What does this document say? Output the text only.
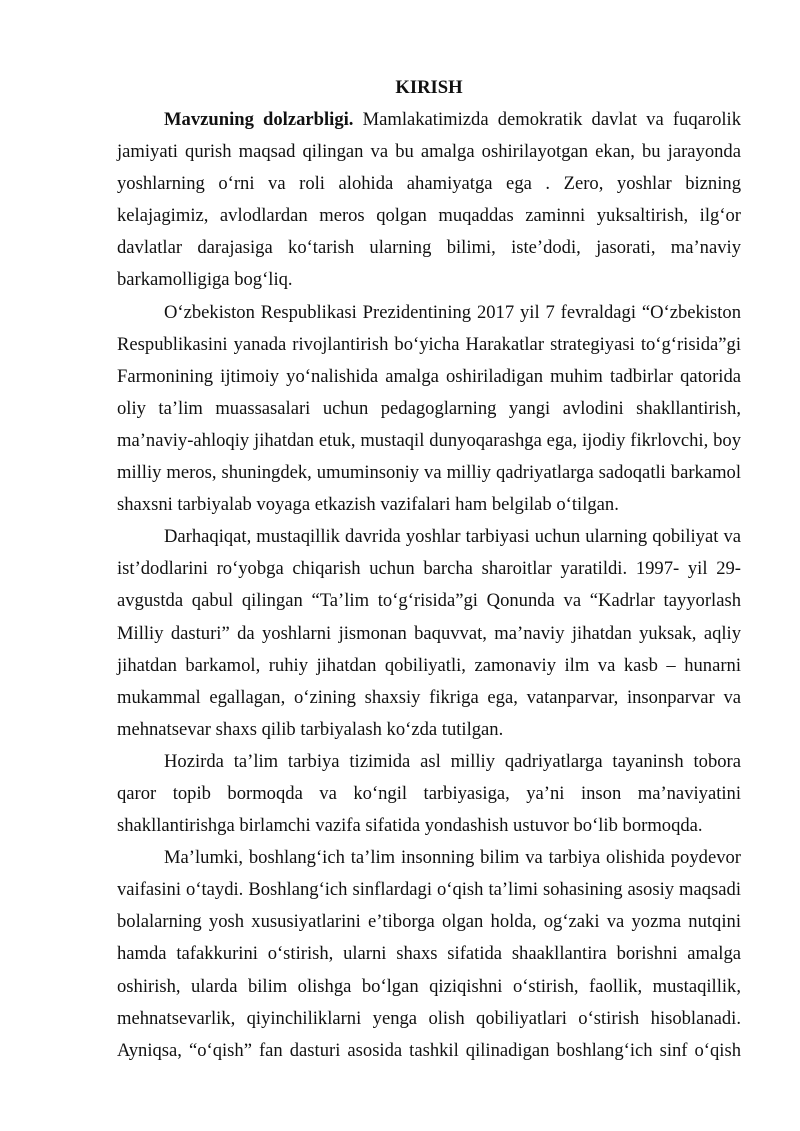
KIRISH

Mavzuning dolzarbligi. Mamlakatimizda demokratik davlat va fuqarolik jamiyati qurish maqsad qilingan va bu amalga oshirilayotgan ekan, bu jarayonda yoshlarning oʻrni va roli alohida ahamiyatga ega . Zero, yoshlar bizning kelajagimiz, avlodlardan meros qolgan muqaddas zaminni yuksaltirish, ilgʻor davlatlar darajasiga koʻtarish ularning bilimi, isteʼdodi, jasorati, maʼnaviy barkamolligiga bogʻliq.

Oʻzbekiston Respublikasi Prezidentining 2017 yil 7 fevraldagi “Oʻzbekiston Respublikasini yanada rivojlantirish boʻyicha Harakatlar strategiyasi toʻgʻrisida”gi Farmonining ijtimoiy yoʻnalishida amalga oshiriladigan muhim tadbirlar qatorida oliy taʼlim muassasalari uchun pedagoglarning yangi avlodini shakllantirish, maʼnaviy-ahloqiy jihatdan etuk, mustaqil dunyoqarashga ega, ijodiy fikrlovchi, boy milliy meros, shuningdek, umuminsoniy va milliy qadriyatlarga sadoqatli barkamol shaxsni tarbiyalab voyaga etkazish vazifalari ham belgilab oʻtilgan.

Darhaqiqat, mustaqillik davrida yoshlar tarbiyasi uchun ularning qobiliyat va istʼdodlarini roʻyobga chiqarish uchun barcha sharoitlar yaratildi. 1997- yil 29-avgustda qabul qilingan “Taʼlim toʻgʻrisida”gi Qonunda va “Kadrlar tayyorlash Milliy dasturi” da yoshlarni jismonan baquvvat, maʼnaviy jihatdan yuksak, aqliy jihatdan barkamol, ruhiy jihatdan qobiliyatli, zamonaviy ilm va kasb – hunarni mukammal egallagan, oʻzining shaxsiy fikriga ega, vatanparvar, insonparvar va mehnatsevar shaxs qilib tarbiyalash koʻzda tutilgan.

Hozirda taʼlim tarbiya tizimida asl milliy qadriyatlarga tayaninsh tobora qaror topib bormoqda va koʻngil tarbiyasiga, yaʼni inson maʼnaviyatini shakllantirishga birlamchi vazifa sifatida yondashish ustuvor boʻlib bormoqda.

Maʼlumki, boshlangʻich taʼlim insonning bilim va tarbiya olishida poydevor vaifasini oʻtaydi. Boshlangʻich sinflardagi oʻqish taʼlimi sohasining asosiy maqsadi bolalarning yosh xususiyatlarini eʼtiborga olgan holda, ogʻzaki va yozma nutqini hamda tafakkurini oʻstirish, ularni shaxs sifatida shaakllantira borishni amalga oshirish, ularda bilim olishga boʻlgan qiziqishni oʻstirish, faollik, mustaqillik, mehnatsevarlik, qiyinchiliklarni yenga olish qobiliyatlari oʻstirish hisoblanadi. Ayniqsa, “oʻqish” fan dasturi asosida tashkil qilinadigan boshlangʻich sinf oʻqish
